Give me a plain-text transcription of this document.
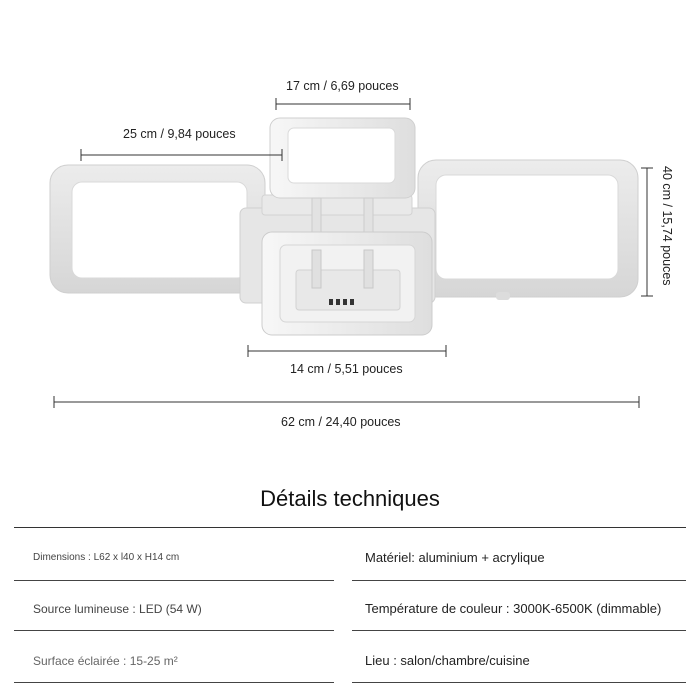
17 cm / 6,69 pouces
25 cm / 9,84 pouces
40 cm / 15,74 pouces
14 cm / 5,51 pouces
62 cm / 24,40 pouces
Détails techniques
Dimensions : L62 x l40 x H14 cm
Source lumineuse : LED (54 W)
Surface éclairée : 15-25 m²
Matériel: aluminium + acrylique
Température de couleur : 3000K-6500K (dimmable)
Lieu : salon/chambre/cuisine
